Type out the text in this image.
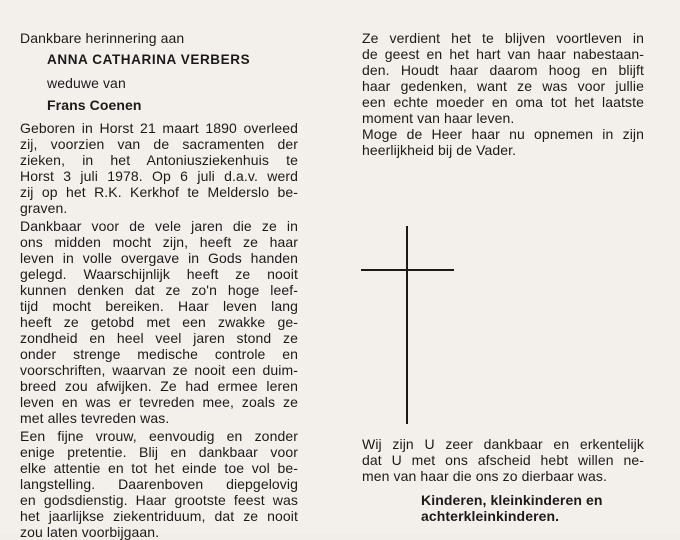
Dankbare herinnering aan
ANNA CATHARINA VERBERS
weduwe van
Frans Coenen
Geboren in Horst 21 maart 1890 overleed
zij, voorzien van de sacramenten der
zieken, in het Antoniusziekenhuis te
Horst 3 juli 1978. Op 6 juli d.a.v. werd
zij op het R.K. Kerkhof te Melderslo be-
graven.
Dankbaar voor de vele jaren die ze in
ons midden mocht zijn, heeft ze haar
leven in volle overgave in Gods handen
gelegd. Waarschijnlijk heeft ze nooit
kunnen denken dat ze zo'n hoge leef-
tijd mocht bereiken. Haar leven lang
heeft ze getobd met een zwakke ge-
zondheid en heel veel jaren stond ze
onder strenge medische controle en
voorschriften, waarvan ze nooit een duim-
breed zou afwijken. Ze had ermee leren
leven en was er tevreden mee, zoals ze
met alles tevreden was.
Een fijne vrouw, eenvoudig en zonder
enige pretentie. Blij en dankbaar voor
elke attentie en tot het einde toe vol be-
langstelling. Daarenboven diepgelovig
en godsdienstig. Haar grootste feest was
het jaarlijkse ziekentriduum, dat ze nooit
zou laten voorbijgaan.
Ze verdient het te blijven voortleven in
de geest en het hart van haar nabestaan-
den. Houdt haar daarom hoog en blijft
haar gedenken, want ze was voor jullie
een echte moeder en oma tot het laatste
moment van haar leven.
Moge de Heer haar nu opnemen in zijn
heerlijkheid bij de Vader.
Wij zijn U zeer dankbaar en erkentelijk
dat U met ons afscheid hebt willen ne-
men van haar die ons zo dierbaar was.
Kinderen, kleinkinderen en
achterkleinkinderen.
